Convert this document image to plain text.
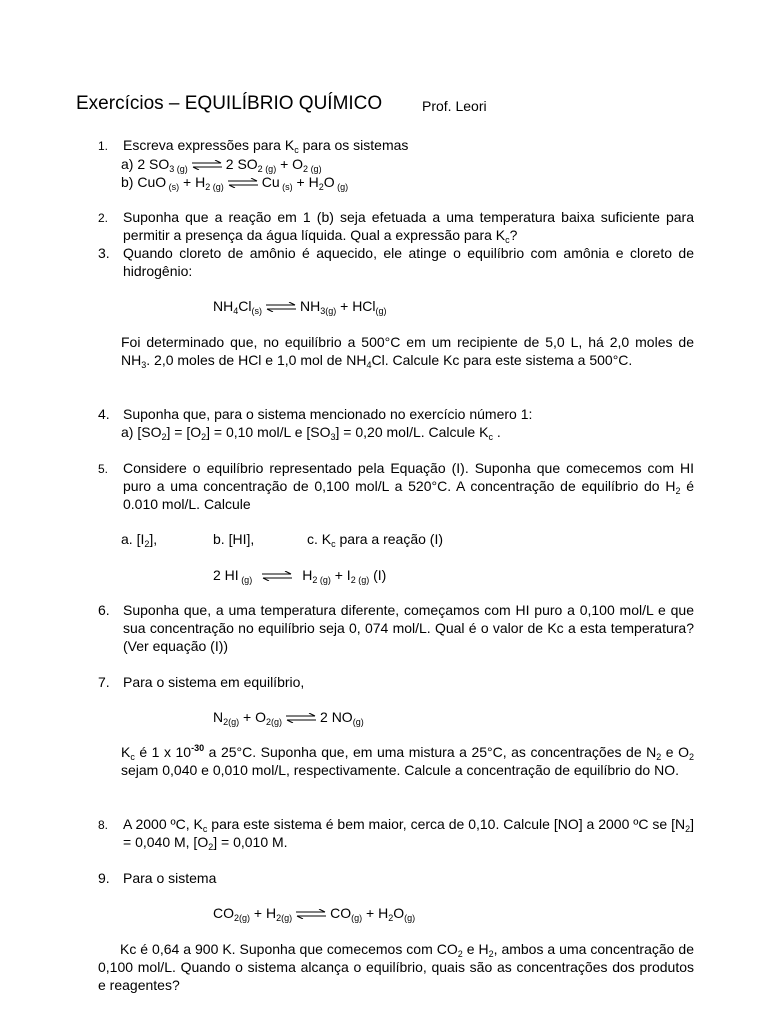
Exercícios – EQUILÍBRIO QUÍMICO	Prof. Leori
1. Escreva expressões para $K_c$ para os sistemas
a) 2 $SO_3$ $_{(g)}$ ⇌ 2 $SO_2$ $_{(g)} + O_2$ $_{(g)}$
b) CuO $_{(s)} + H_2$ $_{(g)}$ ⇌ Cu $_{(s)} + H_2O$ $_{(g)}$
2. Suponha que a reação em 1 (b) seja efetuada a uma temperatura baixa suficiente para permitir a presença da água líquida. Qual a expressão para $K_c$?
3. Quando cloreto de amônio é aquecido, ele atinge o equilíbrio com amônia e cloreto de hidrogênio:
$NH_4Cl_{(s)}$ ⇌ $NH_{3(g)} + HCl_{(g)}$
Foi determinado que, no equilíbrio a 500°C em um recipiente de 5,0 L, há 2,0 moles de $NH_3$. 2,0 moles de HCl e 1,0 mol de $NH_4Cl$. Calcule Kc para este sistema a 500°C.
4. Suponha que, para o sistema mencionado no exercício número 1:
a) $[SO_2] = [O_2] = 0,10$ mol/L e $[SO_3] = 0,20$ mol/L. Calcule $K_c$ .
5. Considere o equilíbrio representado pela Equação (I). Suponha que comecemos com HI puro a uma concentração de 0,100 mol/L a 520°C. A concentração de equilíbrio do $H_2$ é 0.010 mol/L. Calcule
a. $[I_2]$,	b. [HI],	c. $K_c$ para a reação (I)
2 HI $_{(g)}$ ⇌ $H_2$ $_{(g)} + I_2$ $_{(g)}$ (I)
6. Suponha que, a uma temperatura diferente, começamos com HI puro a 0,100 mol/L e que sua concentração no equilíbrio seja 0, 074 mol/L. Qual é o valor de Kc a esta temperatura? (Ver equação (I))
7. Para o sistema em equilíbrio,
$N_{2(g)} + O_{2(g)}$ ⇌ 2 $NO_{(g)}$
$K_c$ é 1 x $10^{-30}$ a 25°C. Suponha que, em uma mistura a 25°C, as concentrações de $N_2$ e $O_2$ sejam 0,040 e 0,010 mol/L, respectivamente. Calcule a concentração de equilíbrio do NO.
8. A 2000 ºC, $K_c$ para este sistema é bem maior, cerca de 0,10. Calcule [NO] a 2000 ºC se $[N_2] = 0,040$ M, $[O_2] = 0,010$ M.
9. Para o sistema
$CO_{2(g)} + H_{2(g)}$ ⇌ $CO_{(g)} + H_2O_{(g)}$
Kc é 0,64 a 900 K. Suponha que comecemos com $CO_2$ e $H_2$, ambos a uma concentração de 0,100 mol/L. Quando o sistema alcança o equilíbrio, quais são as concentrações dos produtos e reagentes?
